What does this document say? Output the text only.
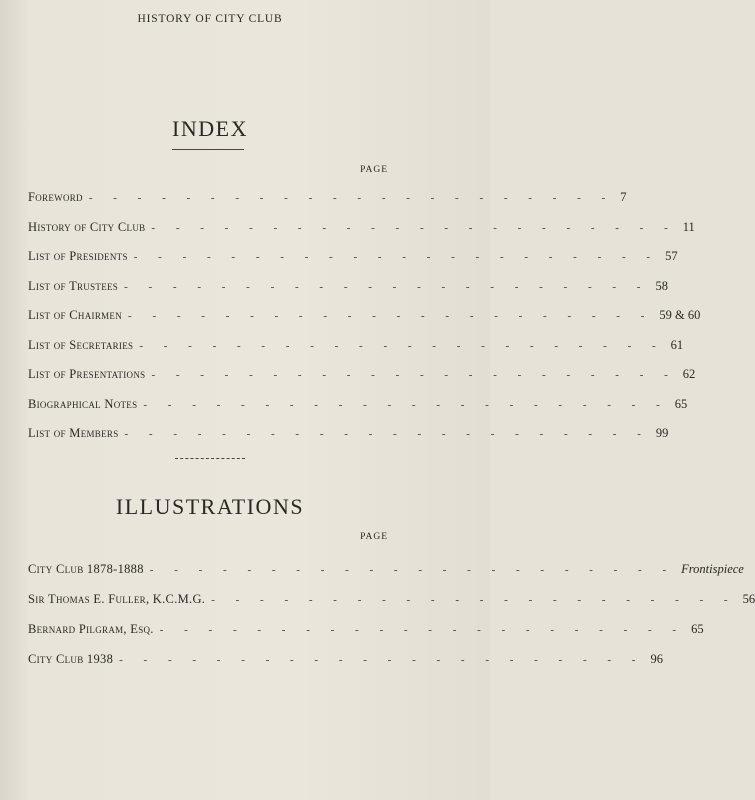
HISTORY OF CITY CLUB
INDEX
PAGE
Foreword - - - - - - - - - - - - - - - - - - - - - - 7
History of City Club - - - - - - - - - - - - - - - - - - - - - - 11
List of Presidents - - - - - - - - - - - - - - - - - - - - - - 57
List of Trustees - - - - - - - - - - - - - - - - - - - - - - 58
List of Chairmen - - - - - - - - - - - - - - - - - - - - - - 59 & 60
List of Secretaries - - - - - - - - - - - - - - - - - - - - - - 61
List of Presentations - - - - - - - - - - - - - - - - - - - - - - 62
Biographical Notes - - - - - - - - - - - - - - - - - - - - - - 65
List of Members - - - - - - - - - - - - - - - - - - - - - - 99
ILLUSTRATIONS
PAGE
City Club 1878-1888 - - - - - - - - - - - - - - - - - - - - - - Frontispiece
Sir Thomas E. Fuller, K.C.M.G. - - - - - - - - - - - - - - - - - - - - - - 56
Bernard Pilgram, Esq. - - - - - - - - - - - - - - - - - - - - - - 65
City Club 1938 - - - - - - - - - - - - - - - - - - - - - - 96
